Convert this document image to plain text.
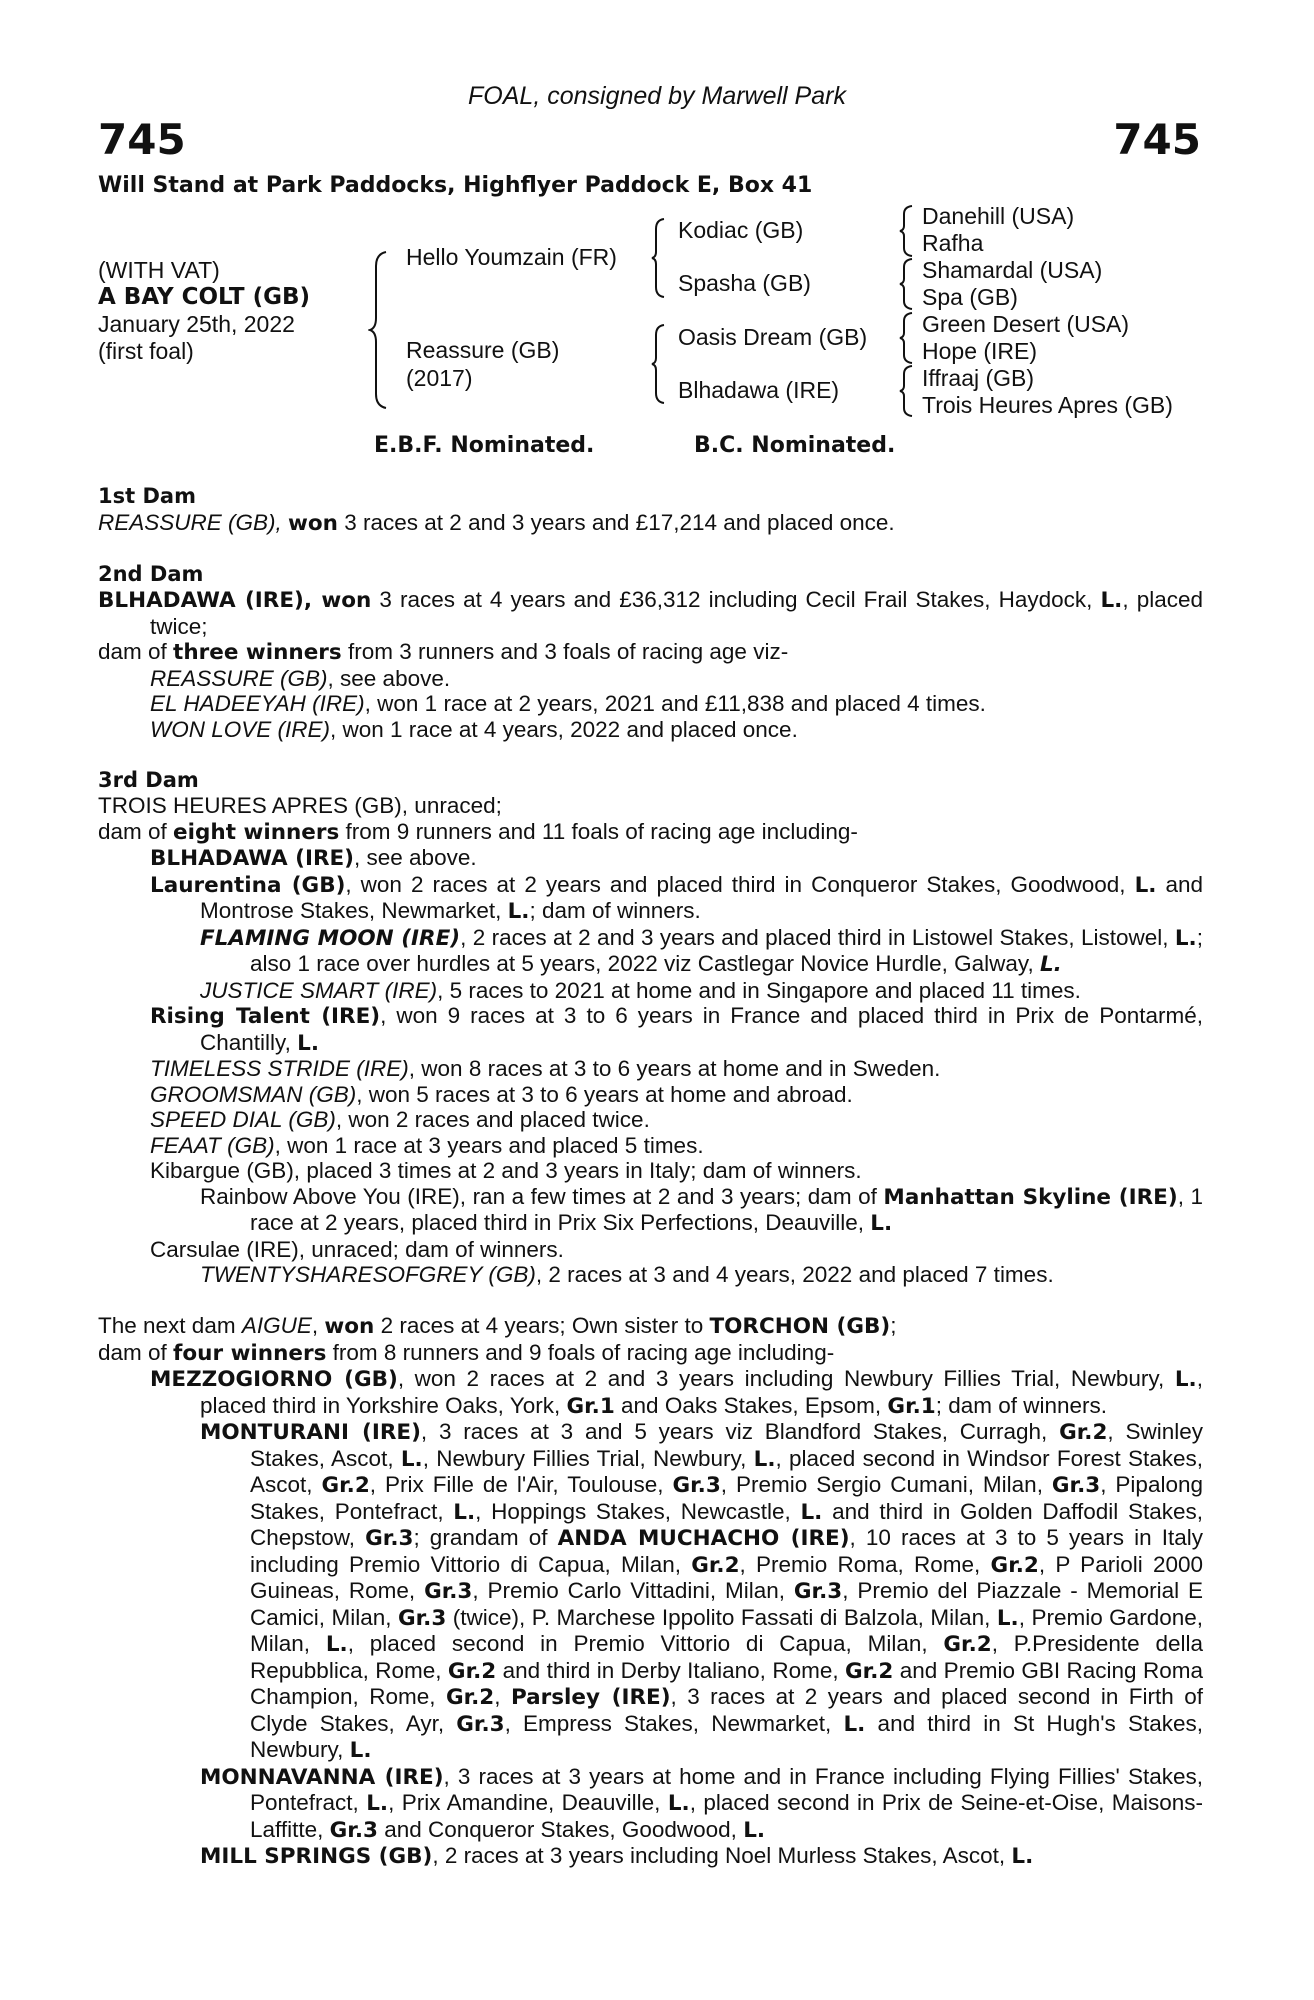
FOAL, consigned by Marwell Park
745	745
Will Stand at Park Paddocks, Highflyer Paddock E, Box 41
(WITH VAT)
A BAY COLT (GB)
January 25th, 2022
(first foal)
Hello Youmzain (FR)
Reassure (GB)
(2017)
Kodiac (GB)
Spasha (GB)
Oasis Dream (GB)
Blhadawa (IRE)
Danehill (USA)
Rafha
Shamardal (USA)
Spa (GB)
Green Desert (USA)
Hope (IRE)
Iffraaj (GB)
Trois Heures Apres (GB)
E.B.F. Nominated.	B.C. Nominated.
1st Dam

REASSURE (GB), won 3 races at 2 and 3 years and £17,214 and placed once.

2nd Dam

BLHADAWA (IRE), won 3 races at 4 years and £36,312 including Cecil Frail Stakes, Haydock, L., placed twice;

dam of three winners from 3 runners and 3 foals of racing age viz-

REASSURE (GB), see above.

EL HADEEYAH (IRE), won 1 race at 2 years, 2021 and £11,838 and placed 4 times.

WON LOVE (IRE), won 1 race at 4 years, 2022 and placed once.

3rd Dam

TROIS HEURES APRES (GB), unraced;

dam of eight winners from 9 runners and 11 foals of racing age including-

BLHADAWA (IRE), see above.

Laurentina (GB), won 2 races at 2 years and placed third in Conqueror Stakes, Goodwood, L. and Montrose Stakes, Newmarket, L.; dam of winners.

FLAMING MOON (IRE), 2 races at 2 and 3 years and placed third in Listowel Stakes, Listowel, L.; also 1 race over hurdles at 5 years, 2022 viz Castlegar Novice Hurdle, Galway, L.

JUSTICE SMART (IRE), 5 races to 2021 at home and in Singapore and placed 11 times.

Rising Talent (IRE), won 9 races at 3 to 6 years in France and placed third in Prix de Pontarmé, Chantilly, L.

TIMELESS STRIDE (IRE), won 8 races at 3 to 6 years at home and in Sweden.

GROOMSMAN (GB), won 5 races at 3 to 6 years at home and abroad.

SPEED DIAL (GB), won 2 races and placed twice.

FEAAT (GB), won 1 race at 3 years and placed 5 times.

Kibargue (GB), placed 3 times at 2 and 3 years in Italy; dam of winners.

Rainbow Above You (IRE), ran a few times at 2 and 3 years; dam of Manhattan Skyline (IRE), 1 race at 2 years, placed third in Prix Six Perfections, Deauville, L.

Carsulae (IRE), unraced; dam of winners.

TWENTYSHARESOFGREY (GB), 2 races at 3 and 4 years, 2022 and placed 7 times.

The next dam AIGUE, won 2 races at 4 years; Own sister to TORCHON (GB);

dam of four winners from 8 runners and 9 foals of racing age including-

MEZZOGIORNO (GB), won 2 races at 2 and 3 years including Newbury Fillies Trial, Newbury, L., placed third in Yorkshire Oaks, York, Gr.1 and Oaks Stakes, Epsom, Gr.1; dam of winners.

MONTURANI (IRE), 3 races at 3 and 5 years viz Blandford Stakes, Curragh, Gr.2, Swinley Stakes, Ascot, L., Newbury Fillies Trial, Newbury, L., placed second in Windsor Forest Stakes, Ascot, Gr.2, Prix Fille de l'Air, Toulouse, Gr.3, Premio Sergio Cumani, Milan, Gr.3, Pipalong Stakes, Pontefract, L., Hoppings Stakes, Newcastle, L. and third in Golden Daffodil Stakes, Chepstow, Gr.3; grandam of ANDA MUCHACHO (IRE), 10 races at 3 to 5 years in Italy including Premio Vittorio di Capua, Milan, Gr.2, Premio Roma, Rome, Gr.2, P Parioli 2000 Guineas, Rome, Gr.3, Premio Carlo Vittadini, Milan, Gr.3, Premio del Piazzale - Memorial E Camici, Milan, Gr.3 (twice), P. Marchese Ippolito Fassati di Balzola, Milan, L., Premio Gardone, Milan, L., placed second in Premio Vittorio di Capua, Milan, Gr.2, P.Presidente della Repubblica, Rome, Gr.2 and third in Derby Italiano, Rome, Gr.2 and Premio GBI Racing Roma Champion, Rome, Gr.2, Parsley (IRE), 3 races at 2 years and placed second in Firth of Clyde Stakes, Ayr, Gr.3, Empress Stakes, Newmarket, L. and third in St Hugh's Stakes, Newbury, L.

MONNAVANNA (IRE), 3 races at 3 years at home and in France including Flying Fillies' Stakes, Pontefract, L., Prix Amandine, Deauville, L., placed second in Prix de Seine-et-Oise, Maisons-Laffitte, Gr.3 and Conqueror Stakes, Goodwood, L.

MILL SPRINGS (GB), 2 races at 3 years including Noel Murless Stakes, Ascot, L.
